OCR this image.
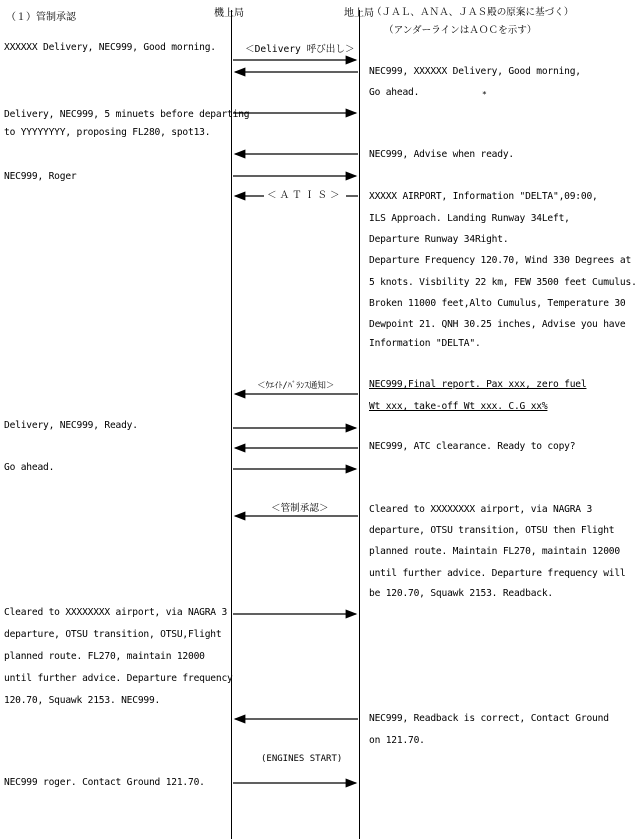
（１）管制承認	機上局	地上局
（ＪＡＬ、ＡＮＡ、ＪＡＳ殿の原案に基づく）
（アンダーラインはＡＯＣを示す）
＜Delivery 呼び出し＞
＜ＡＴＩＳ＞
＜ｳｴｲﾄ/ﾊﾞﾗﾝｽ通知＞
＜管制承認＞
(ENGINES START)
XXXXXX Delivery, NEC999, Good morning.
Delivery, NEC999, 5 minuets before departing
to YYYYYYYY, proposing FL280, spot13.
NEC999, Roger
Delivery, NEC999, Ready.
Go ahead.
Cleared to XXXXXXXX airport, via NAGRA 3
departure, OTSU transition, OTSU,Flight
planned route. FL270, maintain 12000
until further advice. Departure frequency
120.70, Squawk 2153. NEC999.
NEC999 roger. Contact Ground 121.70.
NEC999, XXXXXX Delivery, Good morning,
Go ahead.	*
NEC999, Advise when ready.
XXXXX AIRPORT, Information "DELTA",09:00,
ILS Approach. Landing Runway 34Left,
Departure Runway 34Right.
Departure Frequency 120.70, Wind 330 Degrees at
5 knots. Visbility 22 km, FEW 3500 feet Cumulus.
Broken 11000 feet,Alto Cumulus, Temperature 30
Dewpoint 21. QNH 30.25 inches, Advise you have
Information "DELTA".
NEC999,Final report. Pax xxx, zero fuel
Wt xxx, take-off Wt xxx. C.G xx%
NEC999, ATC clearance. Ready to copy?
Cleared to XXXXXXXX airport, via NAGRA 3
departure, OTSU transition, OTSU then Flight
planned route. Maintain FL270, maintain 12000
until further advice. Departure frequency will
be 120.70, Squawk 2153. Readback.
NEC999, Readback is correct, Contact Ground
on 121.70.
